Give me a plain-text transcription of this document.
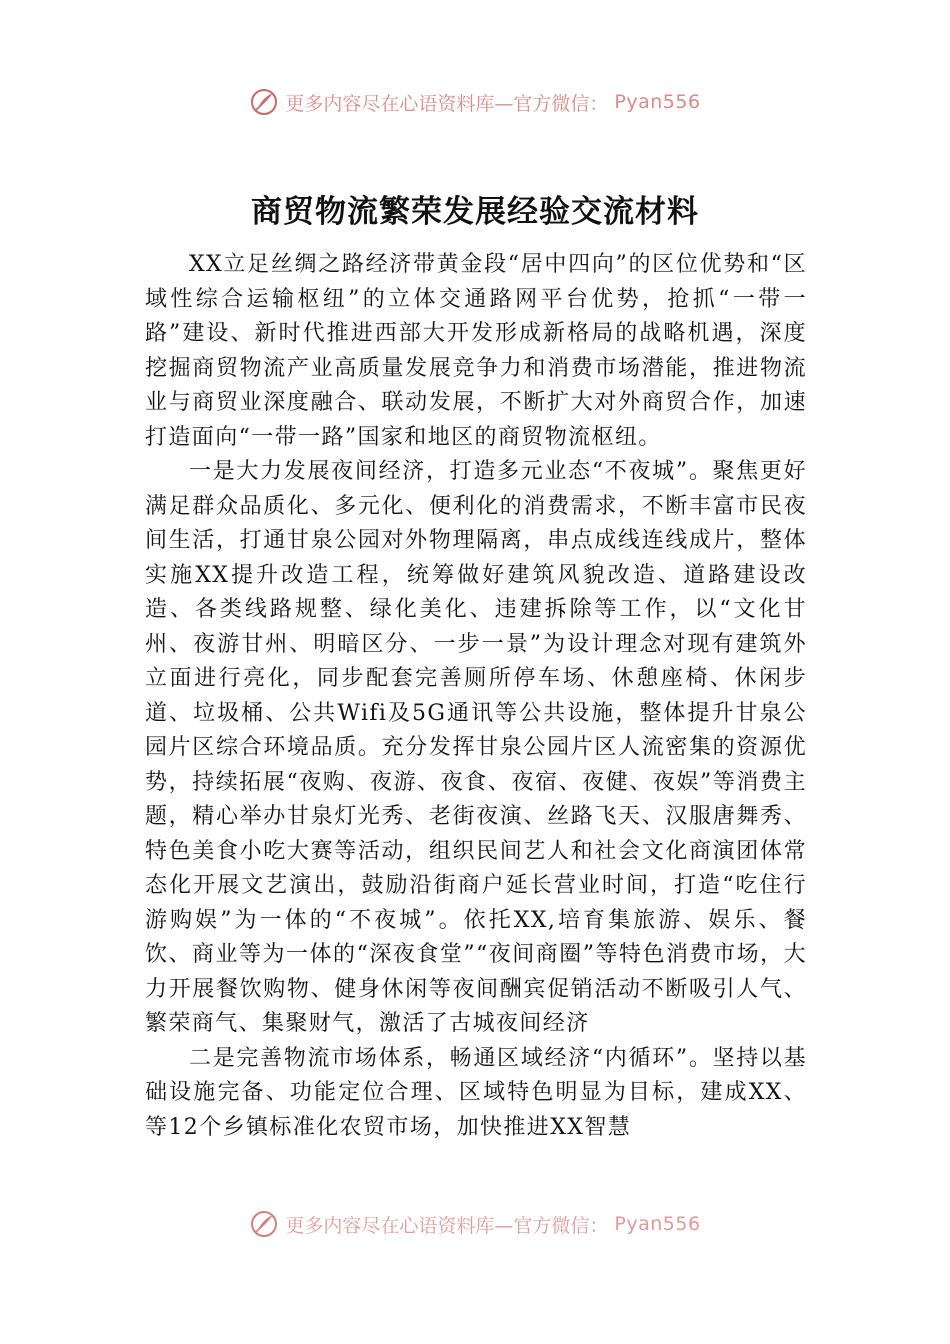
更多内容尽在心语资料库—官方微信： Pyan556
商贸物流繁荣发展经验交流材料

XX立足丝绸之路经济带黄金段“居中四向”的区位优势和“区域性综合运输枢纽”的立体交通路网平台优势，抢抓“一带一路”建设、新时代推进西部大开发形成新格局的战略机遇，深度挖掘商贸物流产业高质量发展竞争力和消费市场潜能，推进物流业与商贸业深度融合、联动发展，不断扩大对外商贸合作，加速打造面向“一带一路”国家和地区的商贸物流枢纽。

一是大力发展夜间经济，打造多元业态“不夜城”。聚焦更好满足群众品质化、多元化、便利化的消费需求，不断丰富市民夜间生活，打通甘泉公园对外物理隔离，串点成线连线成片，整体实施XX提升改造工程，统筹做好建筑风貌改造、道路建设改造、各类线路规整、绿化美化、违建拆除等工作，以“文化甘州、夜游甘州、明暗区分、一步一景”为设计理念对现有建筑外立面进行亮化，同步配套完善厕所停车场、休憩座椅、休闲步道、垃圾桶、公共Wifi及5G通讯等公共设施，整体提升甘泉公园片区综合环境品质。充分发挥甘泉公园片区人流密集的资源优势，持续拓展“夜购、夜游、夜食、夜宿、夜健、夜娱”等消费主题，精心举办甘泉灯光秀、老街夜演、丝路飞天、汉服唐舞秀、特色美食小吃大赛等活动，组织民间艺人和社会文化商演团体常态化开展文艺演出，鼓励沿街商户延长营业时间，打造“吃住行游购娱”为一体的“不夜城”。依托XX,培育集旅游、娱乐、餐饮、商业等为一体的“深夜食堂”“夜间商圈”等特色消费市场，大力开展餐饮购物、健身休闲等夜间酬宾促销活动不断吸引人气、繁荣商气、集聚财气，激活了古城夜间经济

二是完善物流市场体系，畅通区域经济“内循环”。坚持以基础设施完备、功能定位合理、区域特色明显为目标，建成XX、等12个乡镇标准化农贸市场，加快推进XX智慧

更多内容尽在心语资料库—官方微信： Pyan556
